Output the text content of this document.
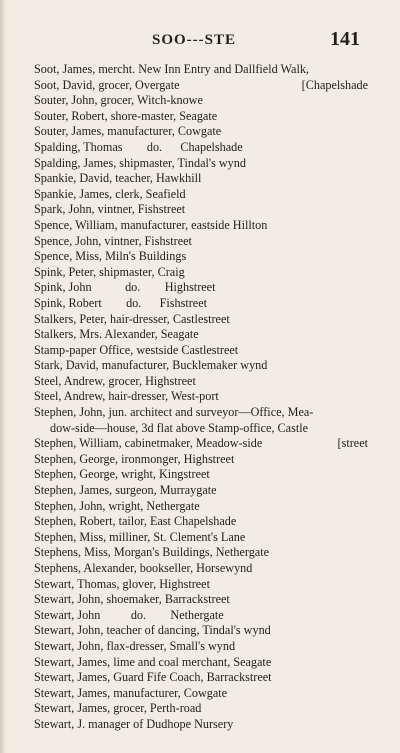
SOO---STE	141
Soot, James, mercht. New Inn Entry and Dallfield Walk,
Soot, David, grocer, Overgate	[Chapelshade
Souter, John, grocer, Witch-knowe
Souter, Robert, shore-master, Seagate
Souter, James, manufacturer, Cowgate
Spalding, Thomas        do.      Chapelshade
Spalding, James, shipmaster, Tindal's wynd
Spankie, David, teacher, Hawkhill
Spankie, James, clerk, Seafield
Spark, John, vintner, Fishstreet
Spence, William, manufacturer, eastside Hillton
Spence, John, vintner, Fishstreet
Spence, Miss, Miln's Buildings
Spink, Peter, shipmaster, Craig
Spink, John           do.        Highstreet
Spink, Robert        do.      Fishstreet
Stalkers, Peter, hair-dresser, Castlestreet
Stalkers, Mrs. Alexander, Seagate
Stamp-paper Office, westside Castlestreet
Stark, David, manufacturer, Bucklemaker wynd
Steel, Andrew, grocer, Highstreet
Steel, Andrew, hair-dresser, West-port
Stephen, John, jun. architect and surveyor—Office, Mea-
dow-side—house, 3d flat above Stamp-office, Castle
Stephen, William, cabinetmaker, Meadow-side	[street
Stephen, George, ironmonger, Highstreet
Stephen, George, wright, Kingstreet
Stephen, James, surgeon, Murraygate
Stephen, John, wright, Nethergate
Stephen, Robert, tailor, East Chapelshade
Stephen, Miss, milliner, St. Clement's Lane
Stephens, Miss, Morgan's Buildings, Nethergate
Stephens, Alexander, bookseller, Horsewynd
Stewart, Thomas, glover, Highstreet
Stewart, John, shoemaker, Barrackstreet
Stewart, John          do.        Nethergate
Stewart, John, teacher of dancing, Tindal's wynd
Stewart, John, flax-dresser, Small's wynd
Stewart, James, lime and coal merchant, Seagate
Stewart, James, Guard Fife Coach, Barrackstreet
Stewart, James, manufacturer, Cowgate
Stewart, James, grocer, Perth-road
Stewart, J. manager of Dudhope Nursery
